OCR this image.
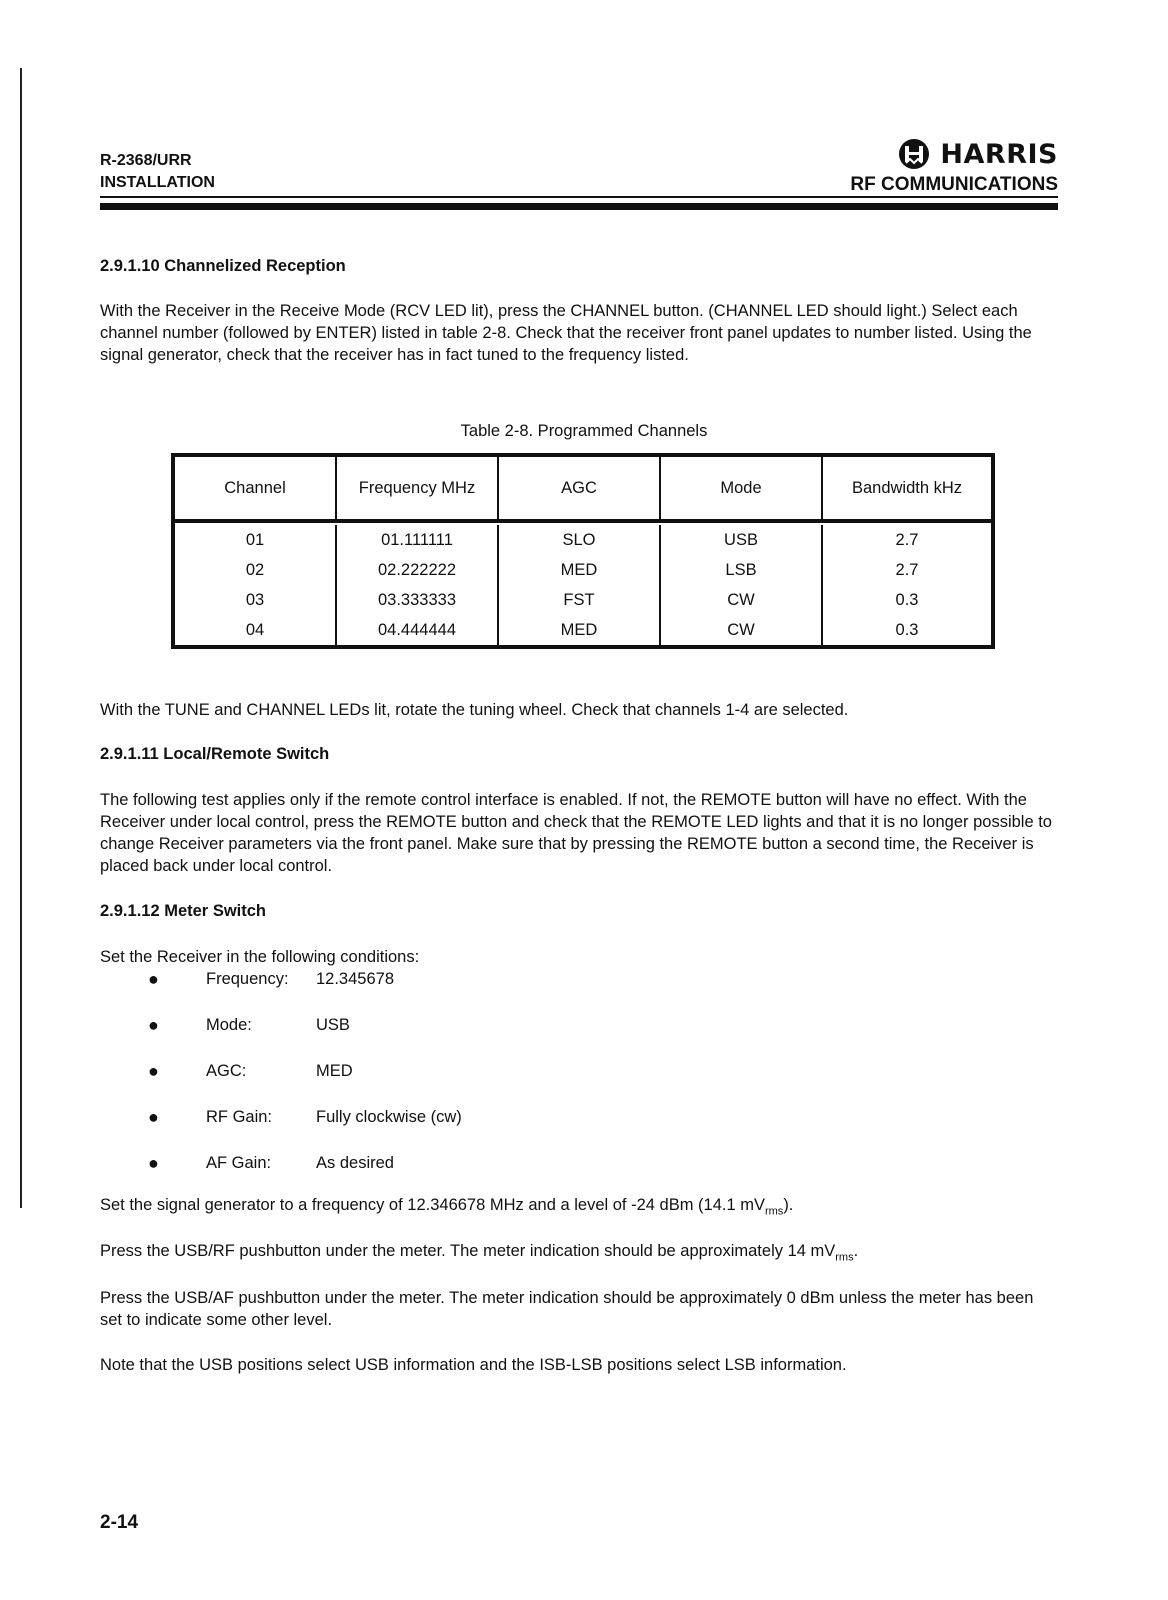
R-2368/URR
INSTALLATION
HARRIS
RF COMMUNICATIONS
2.9.1.10 Channelized Reception

With the Receiver in the Receive Mode (RCV LED lit), press the CHANNEL button. (CHANNEL LED should light.) Select each channel number (followed by ENTER) listed in table 2-8. Check that the receiver front panel updates to number listed. Using the signal generator, check that the receiver has in fact tuned to the frequency listed.

Table 2-8. Programmed Channels
Channel	Frequency MHz	AGC	Mode	Bandwidth kHz
01	01.111111	SLO	USB	2.7
02	02.222222	MED	LSB	2.7
03	03.333333	FST	CW	0.3
04	04.444444	MED	CW	0.3

With the TUNE and CHANNEL LEDs lit, rotate the tuning wheel. Check that channels 1-4 are selected.

2.9.1.11 Local/Remote Switch

The following test applies only if the remote control interface is enabled. If not, the REMOTE button will have no effect. With the Receiver under local control, press the REMOTE button and check that the REMOTE LED lights and that it is no longer possible to change Receiver parameters via the front panel. Make sure that by pressing the REMOTE button a second time, the Receiver is placed back under local control.

2.9.1.12 Meter Switch

Set the Receiver in the following conditions:

●	Frequency:	12.345678
●	Mode:	USB
●	AGC:	MED
●	RF Gain:	Fully clockwise (cw)
●	AF Gain:	As desired

Set the signal generator to a frequency of 12.346678 MHz and a level of -24 dBm (14.1 $mV_{rms}$).

Press the USB/RF pushbutton under the meter. The meter indication should be approximately 14 $mV_{rms}$.

Press the USB/AF pushbutton under the meter. The meter indication should be approximately 0 dBm unless the meter has been set to indicate some other level.

Note that the USB positions select USB information and the ISB-LSB positions select LSB information.

2-14
